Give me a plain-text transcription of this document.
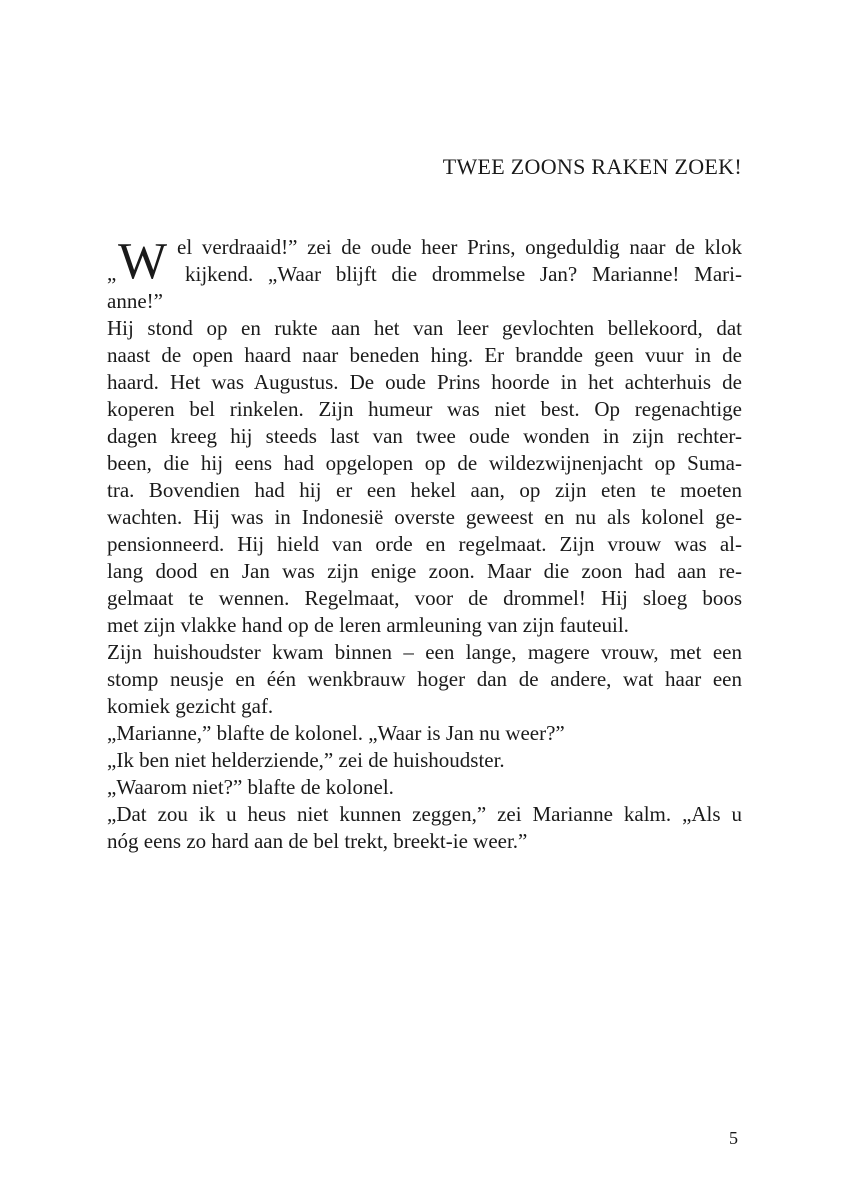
TWEE ZOONS RAKEN ZOEK!
„ W el verdraaid!” zei de oude heer Prins, ongeduldig naar de klok
kijkend. „Waar blijft die drommelse Jan? Marianne! Mari-
anne!”
Hij stond op en rukte aan het van leer gevlochten bellekoord, dat
naast de open haard naar beneden hing. Er brandde geen vuur in de
haard. Het was Augustus. De oude Prins hoorde in het achterhuis de
koperen bel rinkelen. Zijn humeur was niet best. Op regenachtige
dagen kreeg hij steeds last van twee oude wonden in zijn rechter-
been, die hij eens had opgelopen op de wildezwijnenjacht op Suma-
tra. Bovendien had hij er een hekel aan, op zijn eten te moeten
wachten. Hij was in Indonesië overste geweest en nu als kolonel ge-
pensionneerd. Hij hield van orde en regelmaat. Zijn vrouw was al-
lang dood en Jan was zijn enige zoon. Maar die zoon had aan re-
gelmaat te wennen. Regelmaat, voor de drommel! Hij sloeg boos
met zijn vlakke hand op de leren armleuning van zijn fauteuil.
Zijn huishoudster kwam binnen – een lange, magere vrouw, met een
stomp neusje en één wenkbrauw hoger dan de andere, wat haar een
komiek gezicht gaf.
„Marianne,” blafte de kolonel. „Waar is Jan nu weer?”
„Ik ben niet helderziende,” zei de huishoudster.
„Waarom niet?” blafte de kolonel.
„Dat zou ik u heus niet kunnen zeggen,” zei Marianne kalm. „Als u
nóg eens zo hard aan de bel trekt, breekt-ie weer.”
5
